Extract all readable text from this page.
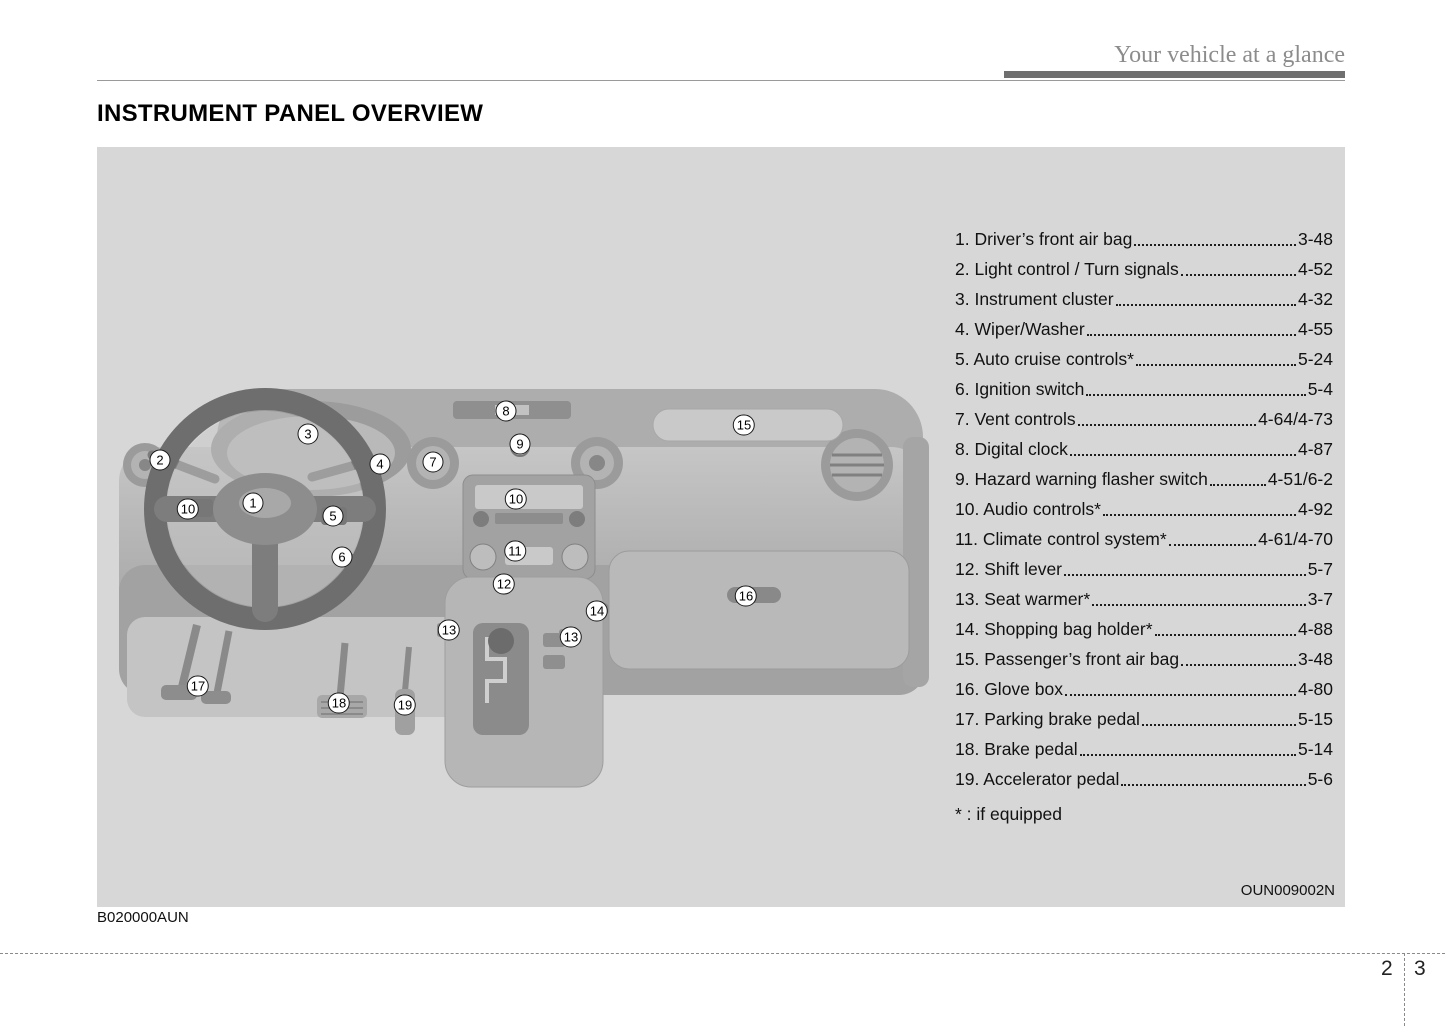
Your vehicle at a glance
INSTRUMENT PANEL OVERVIEW
1
2
3
4
5
6
7
8
9
10
10
11
12
13	13
14
15
16
17
18	19
1. Driver’s front air bag	3-48
2. Light control / Turn signals	4-52
3. Instrument cluster	4-32
4. Wiper/Washer	4-55
5. Auto cruise controls*	5-24
6. Ignition switch	5-4
7. Vent controls	4-64/4-73
8. Digital clock	4-87
9. Hazard warning flasher switch	4-51/6-2
10. Audio controls*	4-92
11. Climate control system*	4-61/4-70
12. Shift lever	5-7
13. Seat warmer*	3-7
14. Shopping bag holder*	4-88
15. Passenger’s front air bag	3-48
16. Glove box	4-80
17. Parking brake pedal	5-15
18. Brake pedal	5-14
19. Accelerator pedal	5-6
* : if equipped
OUN009002N
B020000AUN
2 3
